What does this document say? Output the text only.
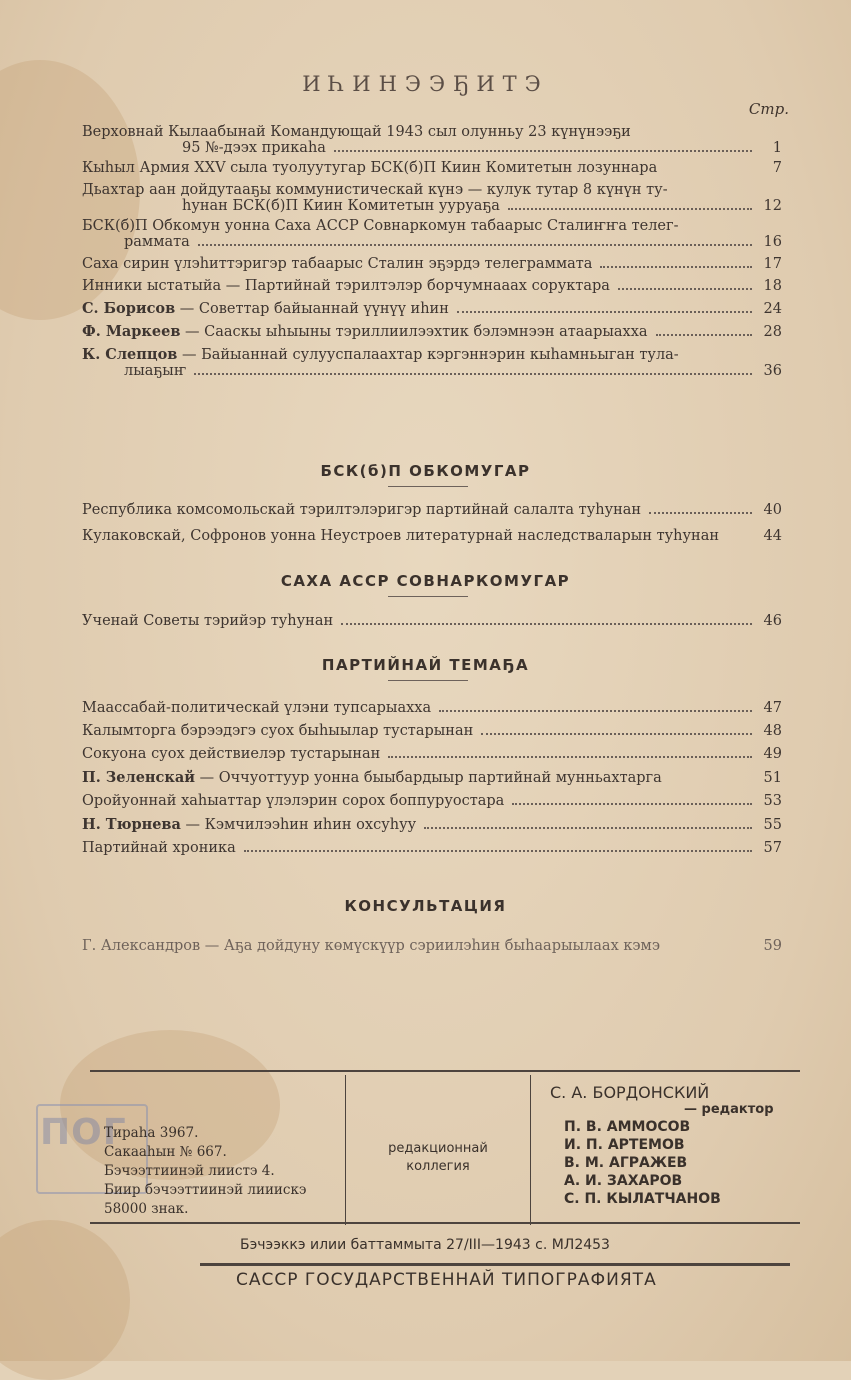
ИҺИНЭЭҔИТЭ
Стр.
Верховнай Кылаабынай Командующай 1943 сыл олунньу 23 күнүнээҕи
95 №-дээх прикаһа	1
Кыһыл Армия XXV сыла туолуутугар БСК(б)П Киин Комитетын лозуннара	7
Дьахтар аан дойдутааҕы коммунистическай күнэ — кулук тутар 8 күнүн ту-
һунан БСК(б)П Киин Комитетын ууруаҕа	12
БСК(б)П Обкомун уонна Саха АССР Совнаркомун табаарыс Сталиҥҥа телег-
раммата	16
Саха сирин үлэһиттэригэр табаарыс Сталин эҕэрдэ телеграммата	17
Инники ыстатыйа — Партийнай тэрилтэлэр борчумнааах соруктара	18
С. Борисов — Советтар байыаннай үүнүү иһин	24
Ф. Маркеев — Сааскы ыһыыны тэриллиилээхтик бэлэмнээн атаарыахха	28
К. Слепцов — Байыаннай сулууспалаахтар кэргэннэрин кыһамньыган тула-
лыаҕыҥ	36
БСК(б)П ОБКОМУГАР
Республика комсомольскай тэрилтэлэригэр партийнай салалта туһунан	40
Кулаковскай, Софронов уонна Неустроев литературнай наследстваларын туһунан	44
САХА АССР СОВНАРКОМУГАР
Ученай Советы тэрийэр туһунан	46
ПАРТИЙНАЙ ТЕМАҔА
Маассабай-политическай үлэни тупсарыахха	47
Калымторга бэрээдэгэ суох быһыылар тустарынан	48
Сокуона суох действиелэр тустарынан	49
П. Зеленскай — Оччуоттуур уонна быыбардыыр партийнай мунньахтарга	51
Оройуоннай хаһыаттар үлэлэрин сорох боппуруостара	53
Н. Тюрнева — Кэмчилээһин иһин охсуһуу	55
Партийнай хроника	57
КОНСУЛЬТАЦИЯ
Г. Александров — Аҕа дойдуну көмүскүүр сэриилэһин быһаарыылаах кэмэ	59
ПОГ
Тираһа 3967.
Сакааһын № 667.
Бэчээттиинэй лиистэ 4.
Биир бэчээттиинэй лииискэ
58000 знак.
редакционнай
коллегия
С. А. БОРДОНСКИЙ
— редактор
П. В. АММОСОВ
И. П. АРТЕМОВ
В. М. АГРАЖЕВ
А. И. ЗАХАРОВ
С. П. КЫЛАТЧАНОВ
Бэчээккэ илии баттаммыта 27/III—1943 с. МЛ2453
САССР ГОСУДАРСТВЕННАЙ ТИПОГРАФИЯТА
